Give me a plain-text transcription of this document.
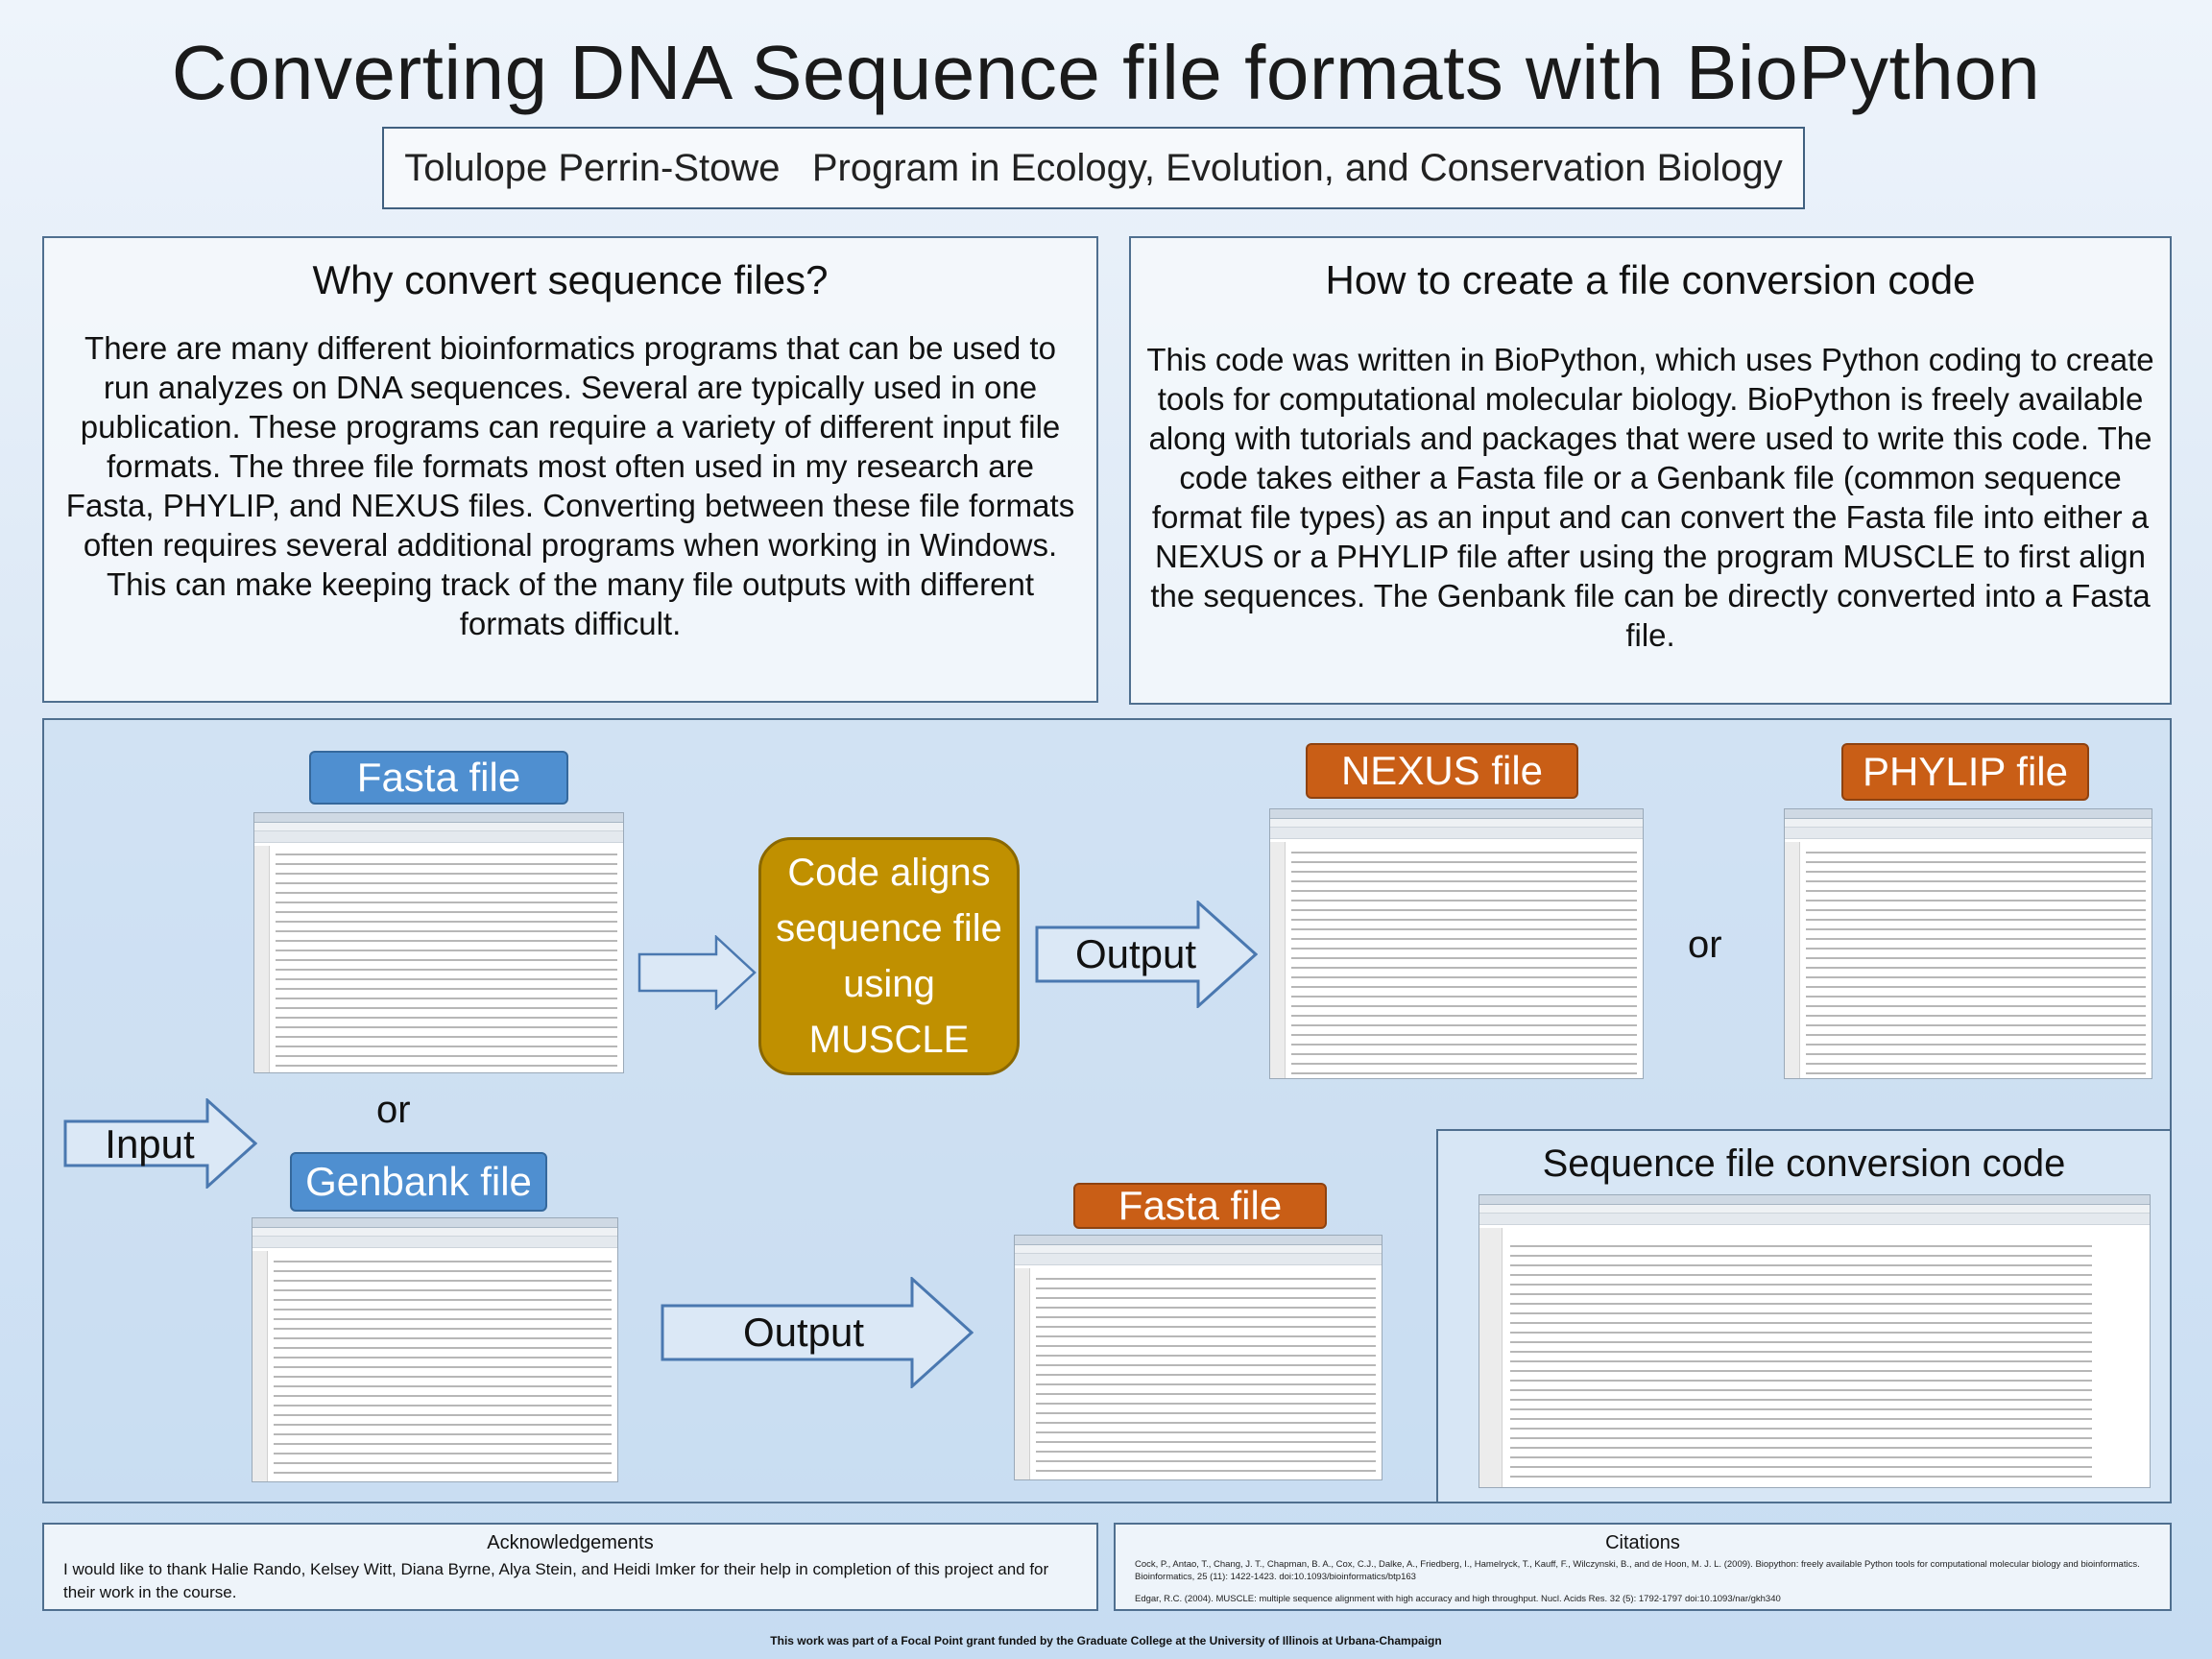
Converting DNA Sequence file formats with BioPython
Tolulope Perrin-Stowe
Program in Ecology, Evolution, and Conservation Biology
Why convert sequence files?

There are many different bioinformatics programs that can be used to run analyzes on DNA sequences. Several are typically used in one publication. These programs can require a variety of different input file formats. The three file formats most often used in my research are Fasta, PHYLIP, and NEXUS files. Converting between these file formats often requires several additional programs when working in Windows. This can make keeping track of the many file outputs with different formats difficult.

How to create a file conversion code

This code was written in BioPython, which uses Python coding to create tools for computational molecular biology. BioPython is freely available along with tutorials and packages that were used to write this code. The code takes either a Fasta file or a Genbank file (common sequence format file types) as an input and can convert the Fasta file into either a NEXUS or a PHYLIP file after using the program MUSCLE to first align the sequences. The Genbank file can be directly converted into a Fasta file.

Fasta file
Code aligns sequence file using MUSCLE
Output
NEXUS file
or
PHYLIP file
Input
or
Genbank file
Output
Fasta file
Sequence file conversion code
Acknowledgements

I would like to thank Halie Rando, Kelsey Witt, Diana Byrne, Alya Stein, and Heidi Imker for their help in completion of this project and for their work in the course.

Citations

Cock, P., Antao, T., Chang, J. T., Chapman, B. A., Cox, C.J., Dalke, A., Friedberg, I., Hamelryck, T., Kauff, F., Wilczynski, B., and de Hoon, M. J. L. (2009). Biopython: freely available Python tools for computational molecular biology and bioinformatics. Bioinformatics, 25 (11): 1422-1423. doi:10.1093/bioinformatics/btp163

Edgar, R.C. (2004). MUSCLE: multiple sequence alignment with high accuracy and high throughput. Nucl. Acids Res. 32 (5): 1792-1797 doi:10.1093/nar/gkh340

This work was part of a Focal Point grant funded by the Graduate College at the University of Illinois at Urbana-Champaign
